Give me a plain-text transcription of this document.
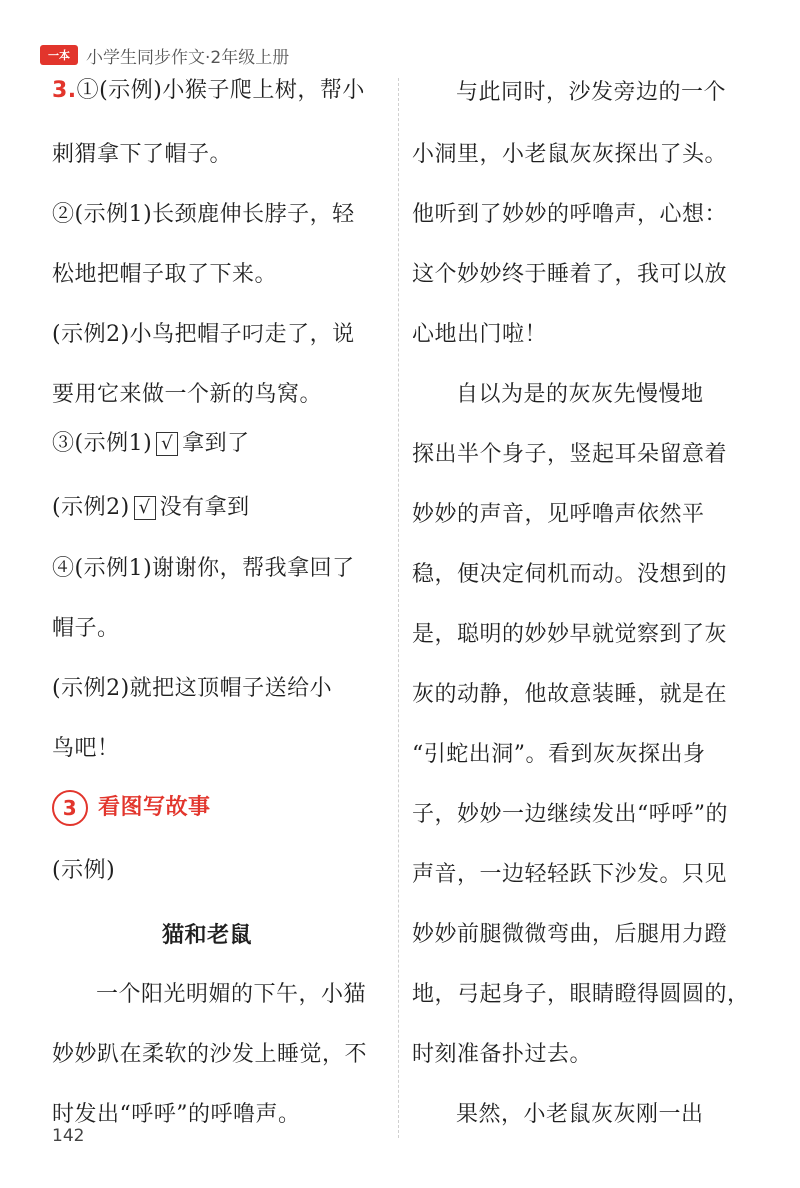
一本 小学生同步作文·2年级上册
3.①(示例)小猴子爬上树，帮小
刺猬拿下了帽子。
②(示例1)长颈鹿伸长脖子，轻
松地把帽子取了下来。
(示例2)小鸟把帽子叼走了，说
要用它来做一个新的鸟窝。
③(示例1) √ 拿到了
(示例2) √ 没有拿到
④(示例1)谢谢你，帮我拿回了
帽子。
(示例2)就把这顶帽子送给小
鸟吧！
3 看图写故事
(示例)
猫和老鼠
一个阳光明媚的下午，小猫
妙妙趴在柔软的沙发上睡觉，不
时发出“呼呼”的呼噜声。
与此同时，沙发旁边的一个
小洞里，小老鼠灰灰探出了头。
他听到了妙妙的呼噜声，心想：
这个妙妙终于睡着了，我可以放
心地出门啦！
自以为是的灰灰先慢慢地
探出半个身子，竖起耳朵留意着
妙妙的声音，见呼噜声依然平
稳，便决定伺机而动。没想到的
是，聪明的妙妙早就觉察到了灰
灰的动静，他故意装睡，就是在
“引蛇出洞”。看到灰灰探出身
子，妙妙一边继续发出“呼呼”的
声音，一边轻轻跃下沙发。只见
妙妙前腿微微弯曲，后腿用力蹬
地，弓起身子，眼睛瞪得圆圆的，
时刻准备扑过去。
果然，小老鼠灰灰刚一出
142
